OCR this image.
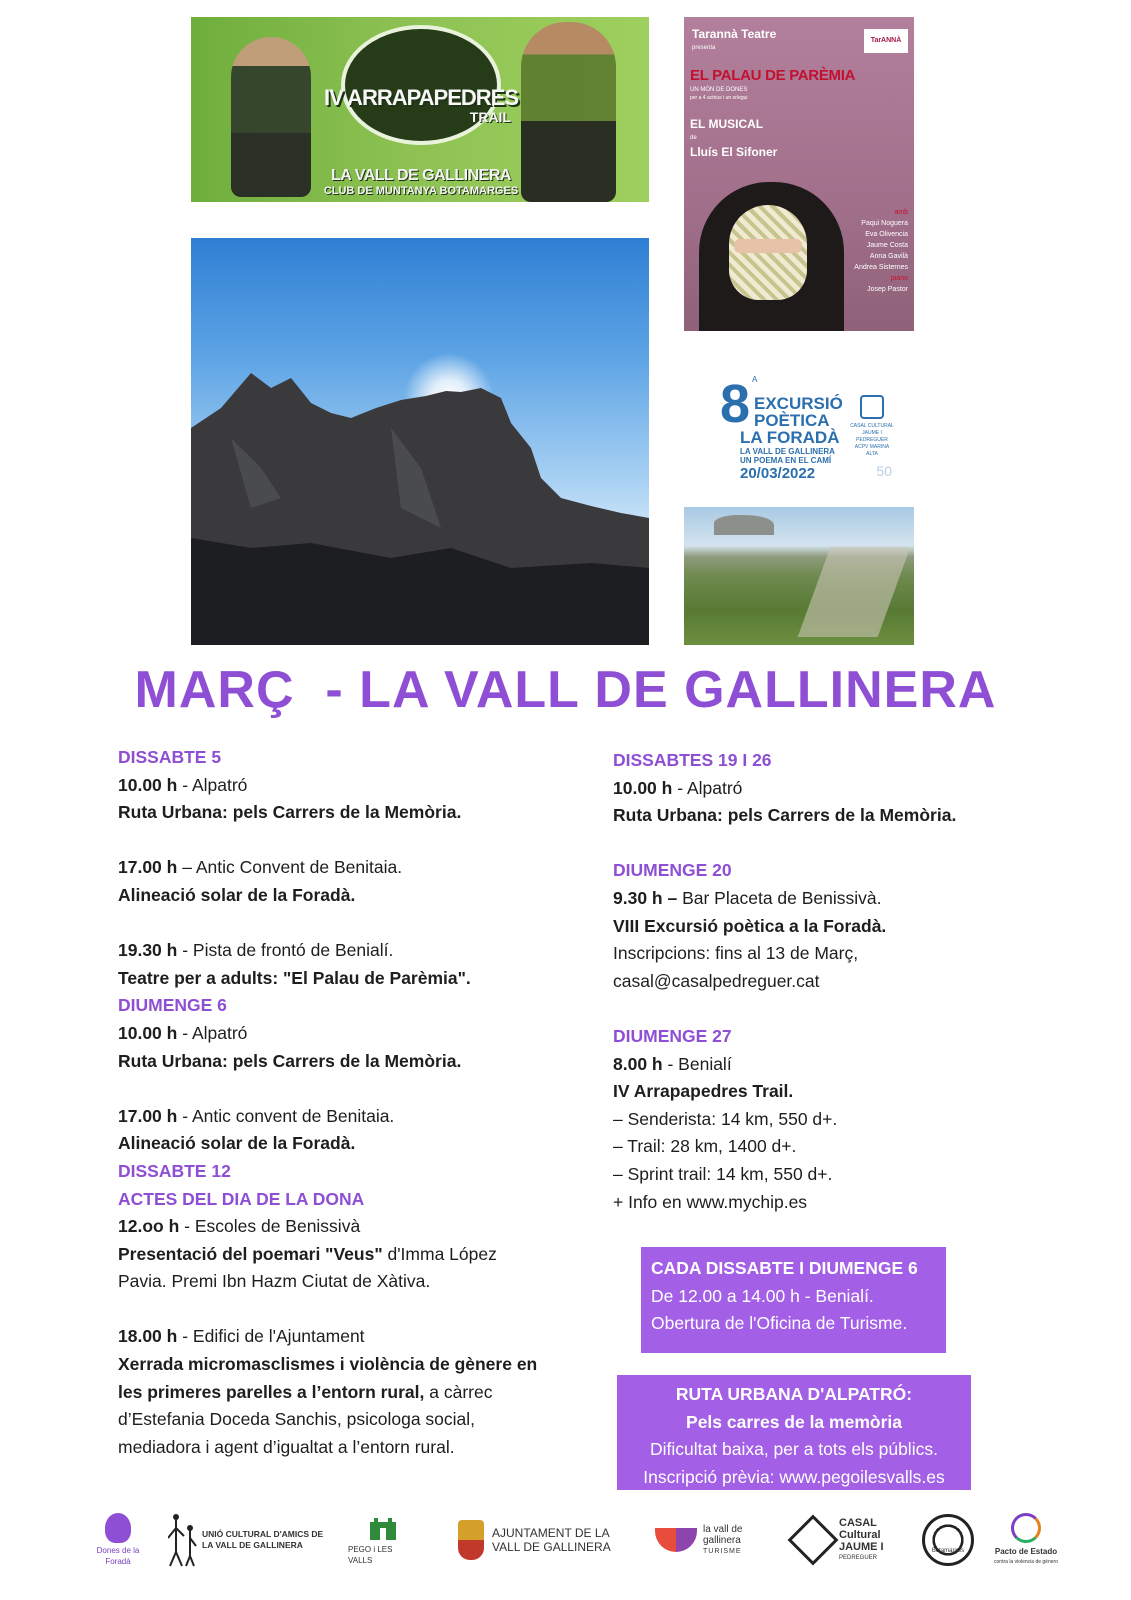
IV ARRAPAPEDRES
TRAIL
LA VALL DE GALLINERA
CLUB DE MUNTANYA BOTAMARGES
Tarannà Teatre
presenta
TarANNÀ
EL PALAU DE PARÈMIA
UN MÓN DE DONES
per a 4 actrius i un orlegui
EL MUSICAL
de
Lluís El Sifoner
amb
Paqui Noguera
Eva Olivencia
Jaume Costa
Anna Gavilà
Andrea Sisternes
piano
Josep Pastor
8 A
EXCURSIÓ
POÈTICA
LA FORADÀ
LA VALL DE GALLINERA
UN POEMA EN EL CAMÍ
20/03/2022
CASAL CULTURAL JAUME I PEDREGUER
ACPV MARINA ALTA
50
MARÇ  - LA VALL DE GALLINERA
DISSABTE 5
10.00 h - Alpatró
Ruta Urbana: pels Carrers de la Memòria.
17.00 h – Antic Convent de Benitaia.
Alineació solar de la Foradà.
19.30 h - Pista de frontó de Benialí.
Teatre per a adults: "El Palau de Parèmia".
DIUMENGE 6
10.00 h - Alpatró
Ruta Urbana: pels Carrers de la Memòria.
17.00 h - Antic convent de Benitaia.
Alineació solar de la Foradà.
DISSABTE 12
ACTES DEL DIA DE LA DONA
12.oo h - Escoles de Benissivà
Presentació del poemari "Veus" d'Imma López
Pavia. Premi Ibn Hazm Ciutat de Xàtiva.
18.00 h - Edifici de l'Ajuntament
Xerrada micromasclismes i violència de gènere en
les primeres parelles a l’entorn rural, a càrrec
d’Estefania Doceda Sanchis, psicologa social,
mediadora i agent d’igualtat a l’entorn rural.
DISSABTES 19 I 26
10.00 h - Alpatró
Ruta Urbana: pels Carrers de la Memòria.
DIUMENGE 20
9.30 h – Bar Placeta de Benissivà.
VIII Excursió poètica a la Foradà.
Inscripcions: fins al 13 de Març,
casal@casalpedreguer.cat
DIUMENGE 27
8.00 h - Benialí
IV Arrapapedres Trail.
– Senderista: 14 km, 550 d+.
– Trail: 28 km, 1400 d+.
– Sprint trail: 14 km, 550 d+.
+ Info en www.mychip.es
CADA DISSABTE I DIUMENGE 6
De 12.00 a 14.00 h - Benialí.
Obertura de l'Oficina de Turisme.
RUTA URBANA D'ALPATRÓ:
Pels carres de la memòria
Dificultat baixa, per a tots els públics.
Inscripció prèvia: www.pegoilesvalls.es
Dones de la Foradà
UNIÓ CULTURAL D'AMICS DE LA VALL DE GALLINERA	PEGO i LES VALLS
AJUNTAMENT DE LA VALL DE GALLINERA
la vall de gallinera
TURISME
CASAL Cultural JAUME I
PEDREGUER
Botamarges	Pacto de Estado
contra la violencia de género
